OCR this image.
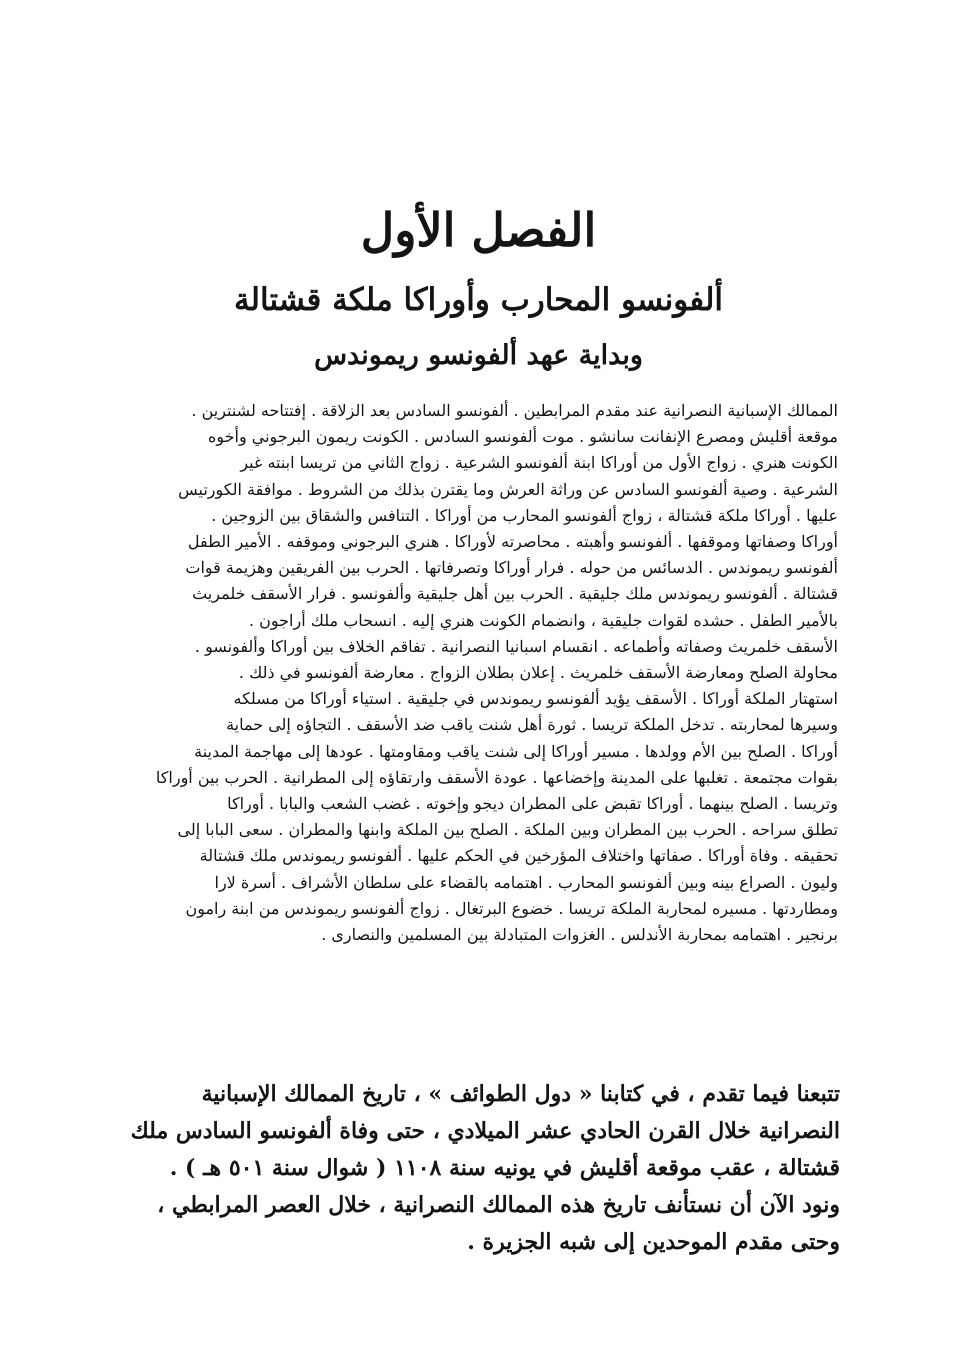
الفصل الأول
ألفونسو المحارب وأوراكا ملكة قشتالة
وبداية عهد ألفونسو ريموندس
الممالك الإسبانية النصرانية عند مقدم المرابطين . ألفونسو السادس بعد الزلاقة . إفتتاحه لشنترين .
موقعة أقليش ومصرع الإنفانت سانشو . موت ألفونسو السادس . الكونت ريمون البرجوني وأخوه
الكونت هنري . زواج الأول من أوراكا ابنة ألفونسو الشرعية . زواج الثاني من تريسا ابنته غير
الشرعية . وصية ألفونسو السادس عن وراثة العرش وما يقترن بذلك من الشروط . موافقة الكورتيس
عليها . أوراكا ملكة قشتالة ، زواج ألفونسو المحارب من أوراكا . التنافس والشقاق بين الزوجين .
أوراكا وصفاتها وموقفها . ألفونسو وأهبته . محاصرته لأوراكا . هنري البرجوني وموقفه . الأمير الطفل
ألفونسو ريموندس . الدسائس من حوله . فرار أوراكا وتصرفاتها . الحرب بين الفريقين وهزيمة قوات
قشتالة . ألفونسو ريموندس ملك جليقية . الحرب بين أهل جليقية وألفونسو . فرار الأسقف خلمريث
بالأمير الطفل . حشده لقوات جليقية ، وانضمام الكونت هنري إليه . انسحاب ملك أراجون .
الأسقف خلمريث وصفاته وأطماعه . انقسام اسبانيا النصرانية . تفاقم الخلاف بين أوراكا وألفونسو .
محاولة الصلح ومعارضة الأسقف خلمريث . إعلان بطلان الزواج . معارضة ألفونسو في ذلك .
استهتار الملكة أوراكا . الأسقف يؤيد ألفونسو ريموندس في جليقية . استياء أوراكا من مسلكه
وسيرها لمحاربته . تدخل الملكة تريسا . ثورة أهل شنت ياقب ضد الأسقف . التجاؤه إلى حماية
أوراكا . الصلح بين الأم وولدها . مسير أوراكا إلى شنت ياقب ومقاومتها . عودها إلى مهاجمة المدينة
بقوات مجتمعة . تغلبها على المدينة وإخضاعها . عودة الأسقف وارتقاؤه إلى المطرانية . الحرب بين أوراكا
وتريسا . الصلح بينهما . أوراكا تقبض على المطران ديجو وإخوته . غضب الشعب والبابا . أوراكا
تطلق سراحه . الحرب بين المطران وبين الملكة . الصلح بين الملكة وابنها والمطران . سعى البابا إلى
تحقيقه . وفاة أوراكا . صفاتها واختلاف المؤرخين في الحكم عليها . ألفونسو ريموندس ملك قشتالة
وليون . الصراع بينه وبين ألفونسو المحارب . اهتمامه بالقضاء على سلطان الأشراف . أسرة لارا
ومطاردتها . مسيره لمحاربة الملكة تريسا . خضوع البرتغال . زواج ألفونسو ريموندس من ابنة رامون
برنجير . اهتمامه بمحاربة الأندلس . الغزوات المتبادلة بين المسلمين والنصارى .
تتبعنا فيما تقدم ، في كتابنا « دول الطوائف » ، تاريخ الممالك الإسبانية
النصرانية خلال القرن الحادي عشر الميلادي ، حتى وفاة ألفونسو السادس ملك
قشتالة ، عقب موقعة أقليش في يونيه سنة ١١٠٨ ( شوال سنة ٥٠١ هـ ) .
ونود الآن أن نستأنف تاريخ هذه الممالك النصرانية ، خلال العصر المرابطي ،
وحتى مقدم الموحدين إلى شبه الجزيرة .
